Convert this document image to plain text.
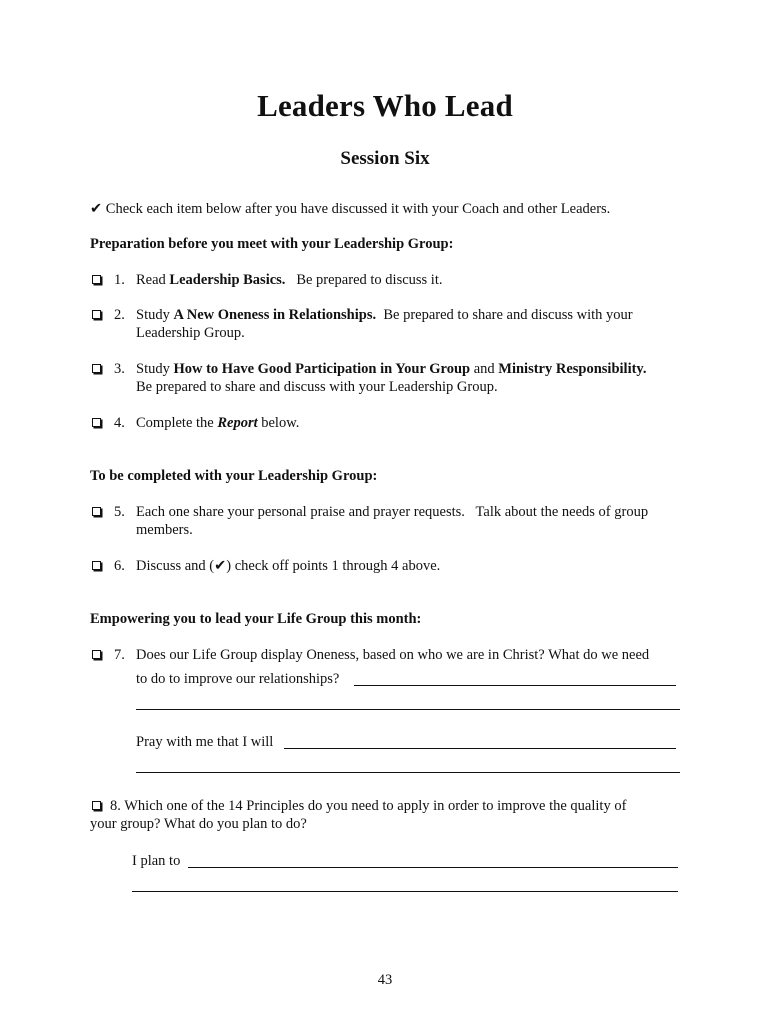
Leaders Who Lead
Session Six
✔ Check each item below after you have discussed it with your Coach and other Leaders.
Preparation before you meet with your Leadership Group:
1. Read Leadership Basics.   Be prepared to discuss it.
2. Study A New Oneness in Relationships.  Be prepared to share and discuss with your
Leadership Group.
3. Study How to Have Good Participation in Your Group and Ministry Responsibility.
Be prepared to share and discuss with your Leadership Group.
4. Complete the Report below.
To be completed with your Leadership Group:
5. Each one share your personal praise and prayer requests.   Talk about the needs of group
members.
6. Discuss and (✔) check off points 1 through 4 above.
Empowering you to lead your Life Group this month:
7. Does our Life Group display Oneness, based on who we are in Christ? What do we need
to do to improve our relationships?
Pray with me that I will
8. Which one of the 14 Principles do you need to apply in order to improve the quality of
your group? What do you plan to do?
I plan to
43
